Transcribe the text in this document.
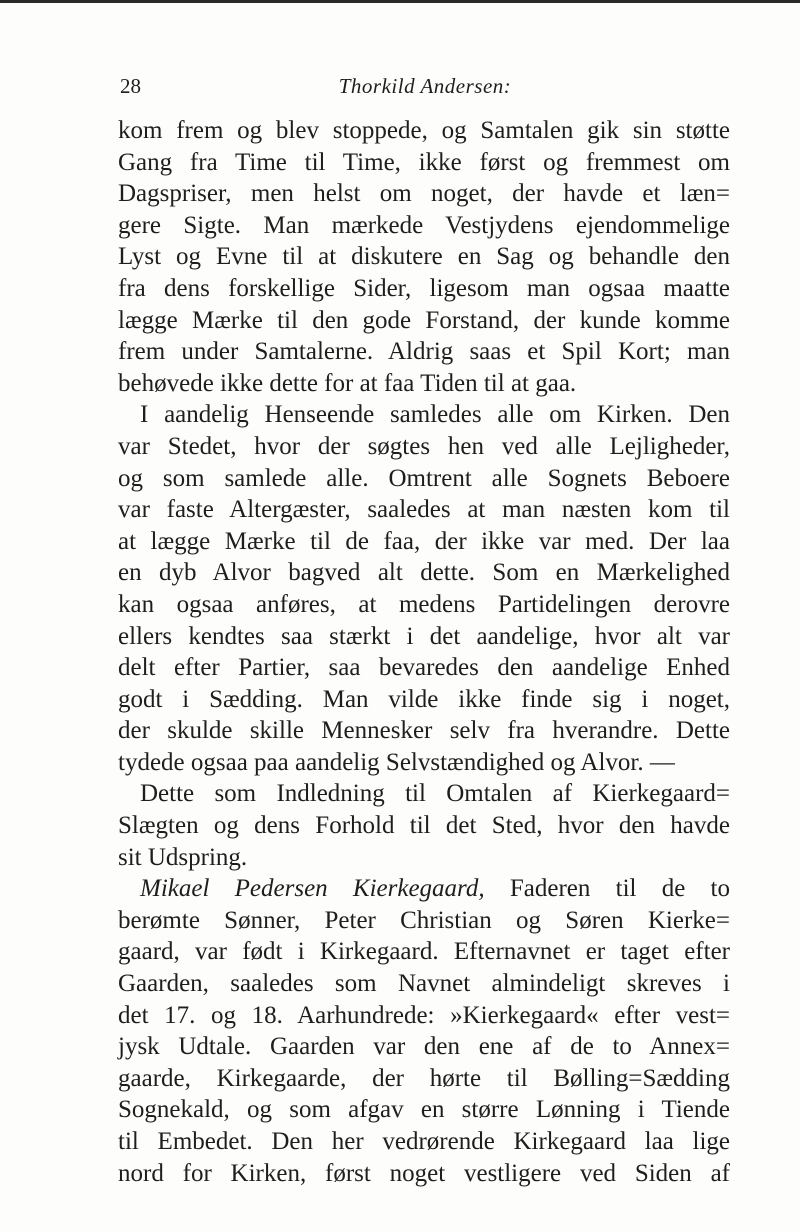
28	Thorkild Andersen:
kom frem og blev stoppede, og Samtalen gik sin støtte
Gang fra Time til Time, ikke først og fremmest om
Dagspriser, men helst om noget, der havde et læn=
gere Sigte. Man mærkede Vestjydens ejendommelige
Lyst og Evne til at diskutere en Sag og behandle den
fra dens forskellige Sider, ligesom man ogsaa maatte
lægge Mærke til den gode Forstand, der kunde komme
frem under Samtalerne. Aldrig saas et Spil Kort; man
behøvede ikke dette for at faa Tiden til at gaa.
I aandelig Henseende samledes alle om Kirken. Den
var Stedet, hvor der søgtes hen ved alle Lejligheder,
og som samlede alle. Omtrent alle Sognets Beboere
var faste Altergæster, saaledes at man næsten kom til
at lægge Mærke til de faa, der ikke var med. Der laa
en dyb Alvor bagved alt dette. Som en Mærkelighed
kan ogsaa anføres, at medens Partidelingen derovre
ellers kendtes saa stærkt i det aandelige, hvor alt var
delt efter Partier, saa bevaredes den aandelige Enhed
godt i Sædding. Man vilde ikke finde sig i noget,
der skulde skille Mennesker selv fra hverandre. Dette
tydede ogsaa paa aandelig Selvstændighed og Alvor. —
Dette som Indledning til Omtalen af Kierkegaard=
Slægten og dens Forhold til det Sted, hvor den havde
sit Udspring.
Mikael Pedersen Kierkegaard, Faderen til de to
berømte Sønner, Peter Christian og Søren Kierke=
gaard, var født i Kirkegaard. Efternavnet er taget efter
Gaarden, saaledes som Navnet almindeligt skreves i
det 17. og 18. Aarhundrede: »Kierkegaard« efter vest=
jysk Udtale. Gaarden var den ene af de to Annex=
gaarde, Kirkegaarde, der hørte til Bølling=Sædding
Sognekald, og som afgav en større Lønning i Tiende
til Embedet. Den her vedrørende Kirkegaard laa lige
nord for Kirken, først noget vestligere ved Siden af
